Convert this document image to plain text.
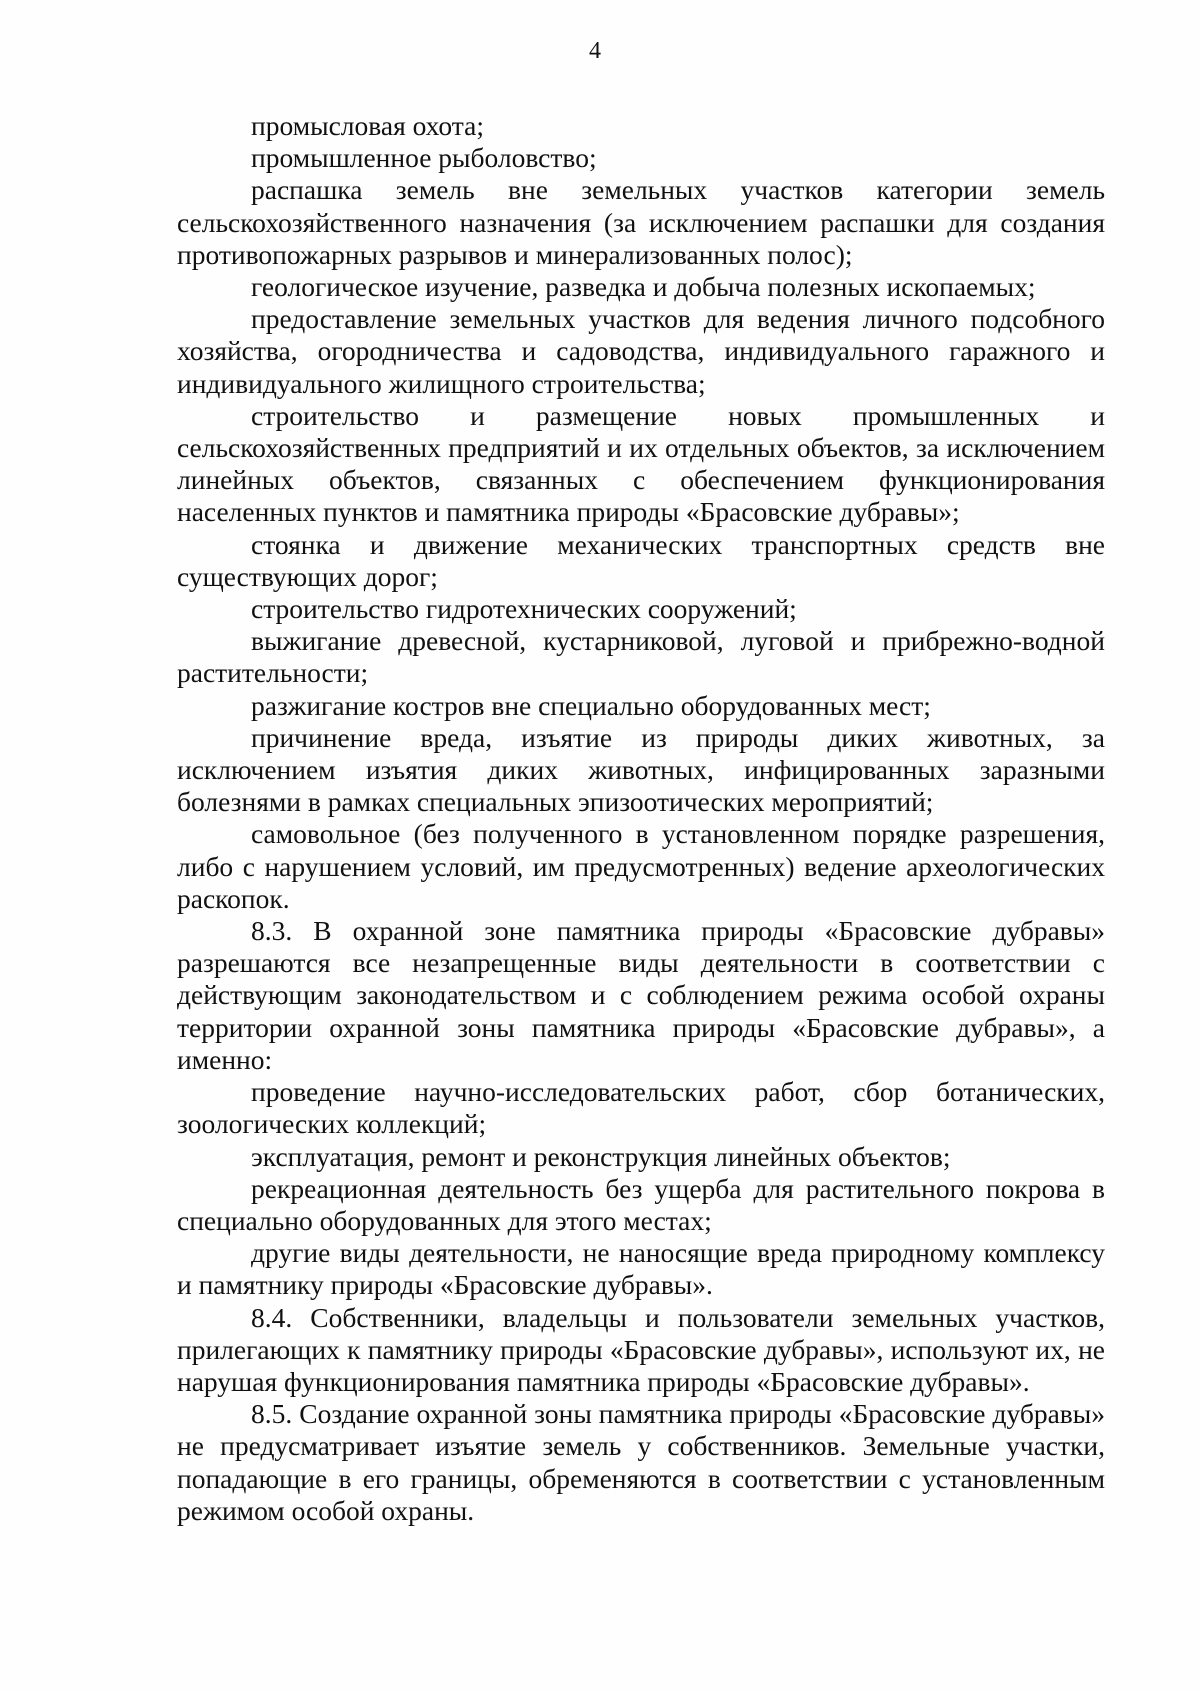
4

промысловая охота;

промышленное рыболовство;

распашка земель вне земельных участков категории земель сельскохозяйственного назначения (за исключением распашки для создания противопожарных разрывов и минерализованных полос);

геологическое изучение, разведка и добыча полезных ископаемых;

предоставление земельных участков для ведения личного подсобного хозяйства, огородничества и садоводства, индивидуального гаражного и индивидуального жилищного строительства;

строительство и размещение новых промышленных и сельскохозяйственных предприятий и их отдельных объектов, за исключением линейных объектов, связанных с обеспечением функционирования населенных пунктов и памятника природы «Брасовские дубравы»;

стоянка и движение механических транспортных средств вне существующих дорог;

строительство гидротехнических сооружений;

выжигание древесной, кустарниковой, луговой и прибрежно-водной растительности;

разжигание костров вне специально оборудованных мест;

причинение вреда, изъятие из природы диких животных, за исключением изъятия диких животных, инфицированных заразными болезнями в рамках специальных эпизоотических мероприятий;

самовольное (без полученного в установленном порядке разрешения, либо с нарушением условий, им предусмотренных) ведение археологических раскопок.

8.3. В охранной зоне памятника природы «Брасовские дубравы» разрешаются все незапрещенные виды деятельности в соответствии с действующим законодательством и с соблюдением режима особой охраны территории охранной зоны памятника природы «Брасовские дубравы», а именно:

проведение научно-исследовательских работ, сбор ботанических, зоологических коллекций;

эксплуатация, ремонт и реконструкция линейных объектов;

рекреационная деятельность без ущерба для растительного покрова в специально оборудованных для этого местах;

другие виды деятельности, не наносящие вреда природному комплексу и памятнику природы «Брасовские дубравы».

8.4. Собственники, владельцы и пользователи земельных участков, прилегающих к памятнику природы «Брасовские дубравы», используют их, не нарушая функционирования памятника природы «Брасовские дубравы».

8.5. Создание охранной зоны памятника природы «Брасовские дубравы» не предусматривает изъятие земель у собственников. Земельные участки, попадающие в его границы, обременяются в соответствии с установленным режимом особой охраны.
